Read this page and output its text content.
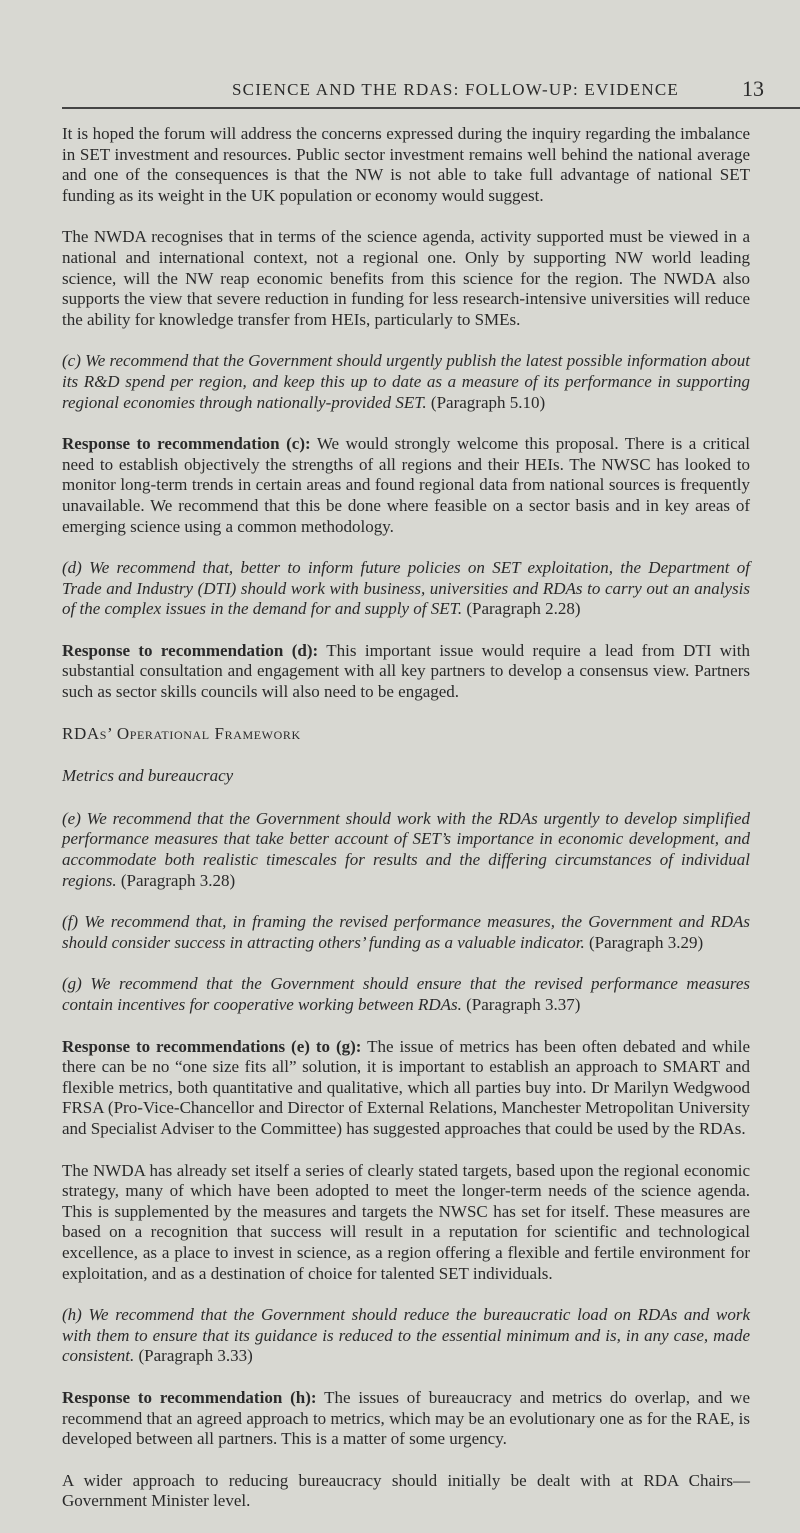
SCIENCE AND THE RDAS: FOLLOW-UP: EVIDENCE	13

It is hoped the forum will address the concerns expressed during the inquiry regarding the imbalance in SET investment and resources. Public sector investment remains well behind the national average and one of the consequences is that the NW is not able to take full advantage of national SET funding as its weight in the UK population or economy would suggest.

The NWDA recognises that in terms of the science agenda, activity supported must be viewed in a national and international context, not a regional one. Only by supporting NW world leading science, will the NW reap economic benefits from this science for the region. The NWDA also supports the view that severe reduction in funding for less research-intensive universities will reduce the ability for knowledge transfer from HEIs, particularly to SMEs.

(c) We recommend that the Government should urgently publish the latest possible information about its R&D spend per region, and keep this up to date as a measure of its performance in supporting regional economies through nationally-provided SET. (Paragraph 5.10)

Response to recommendation (c): We would strongly welcome this proposal. There is a critical need to establish objectively the strengths of all regions and their HEIs. The NWSC has looked to monitor long-term trends in certain areas and found regional data from national sources is frequently unavailable. We recommend that this be done where feasible on a sector basis and in key areas of emerging science using a common methodology.

(d) We recommend that, better to inform future policies on SET exploitation, the Department of Trade and Industry (DTI) should work with business, universities and RDAs to carry out an analysis of the complex issues in the demand for and supply of SET. (Paragraph 2.28)

Response to recommendation (d): This important issue would require a lead from DTI with substantial consultation and engagement with all key partners to develop a consensus view. Partners such as sector skills councils will also need to be engaged.

RDAs’ Operational Framework
Metrics and bureaucracy

(e) We recommend that the Government should work with the RDAs urgently to develop simplified performance measures that take better account of SET’s importance in economic development, and accommodate both realistic timescales for results and the differing circumstances of individual regions. (Paragraph 3.28)

(f) We recommend that, in framing the revised performance measures, the Government and RDAs should consider success in attracting others’ funding as a valuable indicator. (Paragraph 3.29)

(g) We recommend that the Government should ensure that the revised performance measures contain incentives for cooperative working between RDAs. (Paragraph 3.37)

Response to recommendations (e) to (g): The issue of metrics has been often debated and while there can be no “one size fits all” solution, it is important to establish an approach to SMART and flexible metrics, both quantitative and qualitative, which all parties buy into. Dr Marilyn Wedgwood FRSA (Pro-Vice-Chancellor and Director of External Relations, Manchester Metropolitan University and Specialist Adviser to the Committee) has suggested approaches that could be used by the RDAs.

The NWDA has already set itself a series of clearly stated targets, based upon the regional economic strategy, many of which have been adopted to meet the longer-term needs of the science agenda. This is supplemented by the measures and targets the NWSC has set for itself. These measures are based on a recognition that success will result in a reputation for scientific and technological excellence, as a place to invest in science, as a region offering a flexible and fertile environment for exploitation, and as a destination of choice for talented SET individuals.

(h) We recommend that the Government should reduce the bureaucratic load on RDAs and work with them to ensure that its guidance is reduced to the essential minimum and is, in any case, made consistent. (Paragraph 3.33)

Response to recommendation (h): The issues of bureaucracy and metrics do overlap, and we recommend that an agreed approach to metrics, which may be an evolutionary one as for the RAE, is developed between all partners. This is a matter of some urgency.

A wider approach to reducing bureaucracy should initially be dealt with at RDA Chairs—Government Minister level.
